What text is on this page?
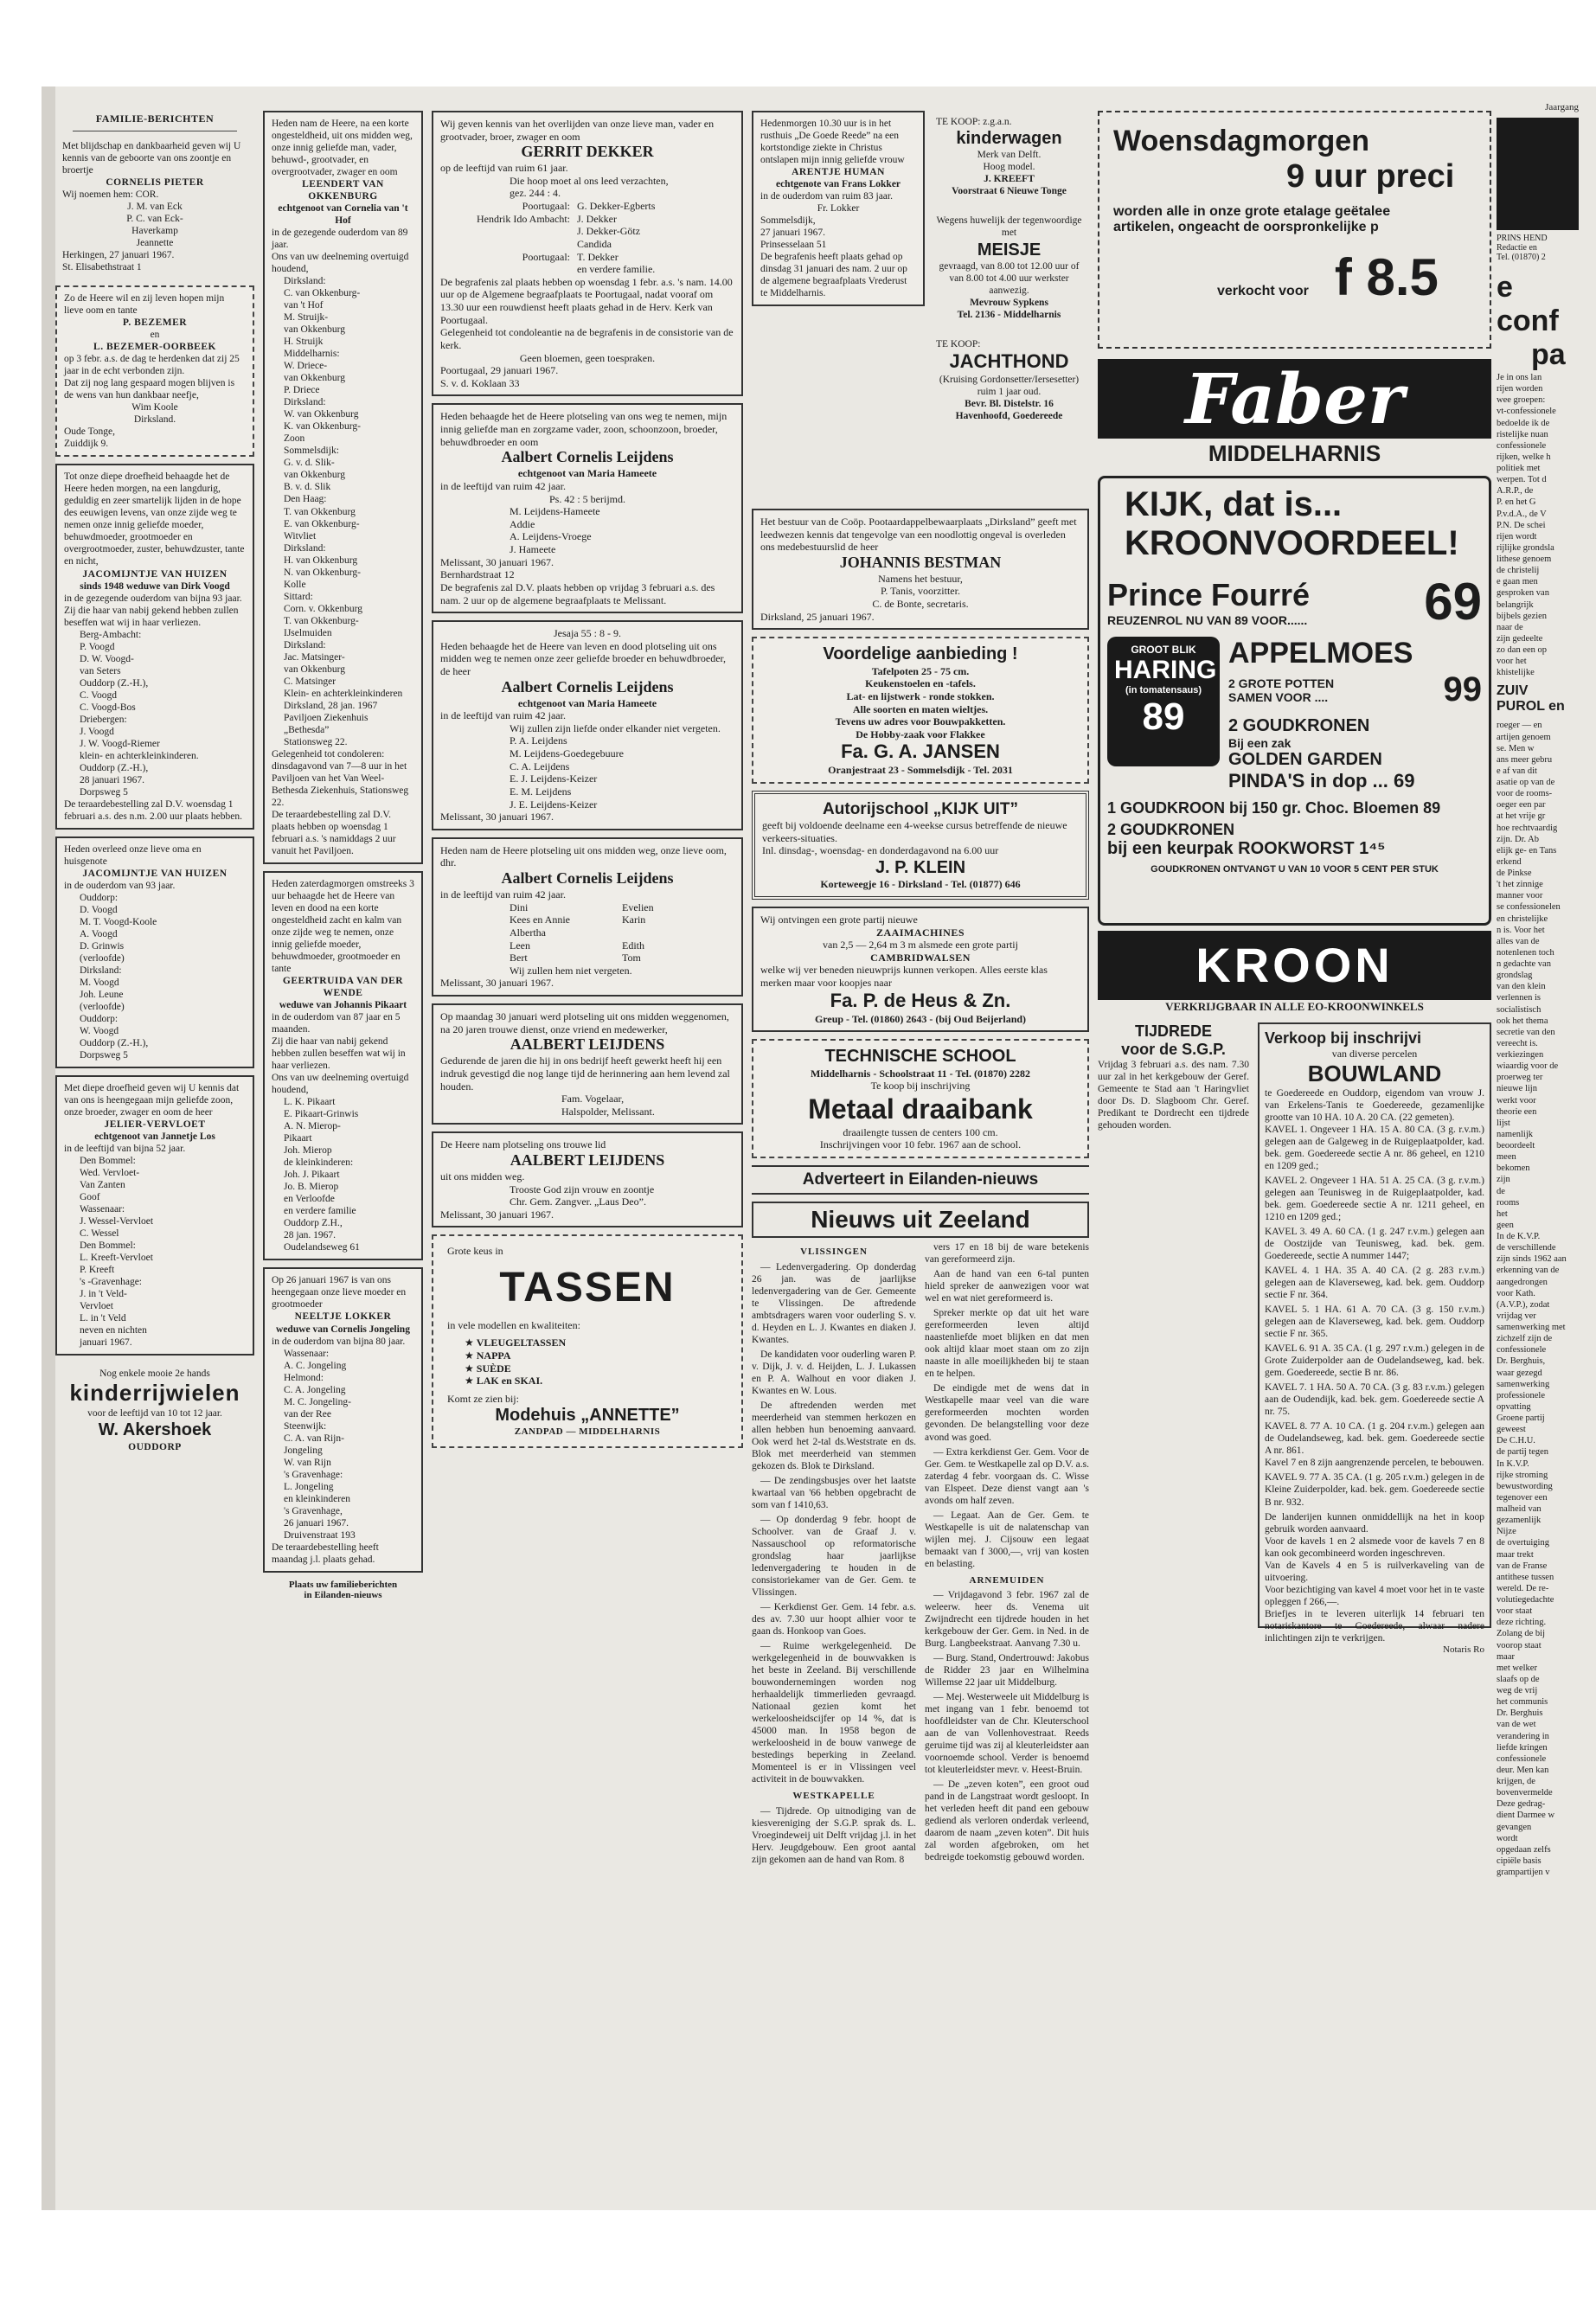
FAMILIE-BERICHTEN
Met blijdschap en dankbaarheid geven wij U kennis van de geboorte van ons zoontje en broertje
CORNELIS PIETER
Wij noemen hem: COR.
J. M. van Eck
P. C. van Eck-
Haverkamp
Jeannette
Herkingen, 27 januari 1967.
St. Elisabethstraat 1
Zo de Heere wil en zij leven hopen mijn lieve oom en tante
P. BEZEMER
en
L. BEZEMER-OORBEEK
op 3 febr. a.s. de dag te herdenken dat zij 25 jaar in de echt verbonden zijn.
Dat zij nog lang gespaard mogen blijven is de wens van hun dankbaar neefje,
Wim Koole
Dirksland.
Oude Tonge,
Zuiddijk 9.
Tot onze diepe droefheid behaagde het de Heere heden morgen, na een langdurig, geduldig en zeer smartelijk lijden in de hope des eeuwigen levens, van onze zijde weg te nemen onze innig geliefde moeder, behuwdmoeder, grootmoeder en overgrootmoeder, zuster, behuwdzuster, tante en nicht,
JACOMIJNTJE VAN HUIZEN
sinds 1948 weduwe van Dirk Voogd
in de gezegende ouderdom van bijna 93 jaar.
Zij die haar van nabij gekend hebben zullen beseffen wat wij in haar verliezen.
Berg-Ambacht:
P. Voogd
D. W. Voogd-
van Seters
Ouddorp (Z.-H.),
C. Voogd
C. Voogd-Bos
Driebergen:
J. Voogd
J. W. Voogd-Riemer
klein- en achterkleinkinderen.
Ouddorp (Z.-H.),
28 januari 1967.
Dorpsweg 5
De teraardebestelling zal D.V. woensdag 1 februari a.s. des n.m. 2.00 uur plaats hebben.
Heden overleed onze lieve oma en huisgenote
JACOMIJNTJE VAN HUIZEN
in de ouderdom van 93 jaar.
Ouddorp:
D. Voogd
M. T. Voogd-Koole
A. Voogd
D. Grinwis
(verloofde)
Dirksland:
M. Voogd
Joh. Leune
(verloofde)
Ouddorp:
W. Voogd
Ouddorp (Z.-H.),
Dorpsweg 5
Met diepe droefheid geven wij U kennis dat van ons is heengegaan mijn geliefde zoon, onze broeder, zwager en oom de heer
JELIER-VERVLOET
echtgenoot van Jannetje Los
in de leeftijd van bijna 52 jaar.
Den Bommel:
Wed. Vervloet-
Van Zanten
Goof
Wassenaar:
J. Wessel-Vervloet
C. Wessel
Den Bommel:
L. Kreeft-Vervloet
P. Kreeft
's -Gravenhage:
J. in 't Veld-
Vervloet
L. in 't Veld
neven en nichten
januari 1967.
Nog enkele mooie 2e hands
kinderrijwielen
voor de leeftijd van 10 tot 12 jaar.
W. Akershoek
OUDDORP
Heden nam de Heere, na een korte ongesteldheid, uit ons midden weg, onze innig geliefde man, vader, behuwd-, grootvader, en overgrootvader, zwager en oom
LEENDERT VAN OKKENBURG
echtgenoot van Cornelia van 't Hof
in de gezegende ouderdom van 89 jaar.
Ons van uw deelneming overtuigd houdend,
Dirksland:
C. van Okkenburg-
van 't Hof
M. Struijk-
van Okkenburg
H. Struijk
Middelharnis:
W. Driece-
van Okkenburg
P. Driece
Dirksland:
W. van Okkenburg
K. van Okkenburg-
Zoon
Sommelsdijk:
G. v. d. Slik-
van Okkenburg
B. v. d. Slik
Den Haag:
T. van Okkenburg
E. van Okkenburg-
Witvliet
Dirksland:
H. van Okkenburg
N. van Okkenburg-
Kolle
Sittard:
Corn. v. Okkenburg
T. van Okkenburg-
IJselmuiden
Dirksland:
Jac. Matsinger-
van Okkenburg
C. Matsinger
Klein- en achterkleinkinderen
Dirksland, 28 jan. 1967
Paviljoen Ziekenhuis
„Bethesda”
Stationsweg 22.
Gelegenheid tot condoleren: dinsdagavond van 7—8 uur in het Paviljoen van het Van Weel-Bethesda Ziekenhuis, Stationsweg 22.
De teraardebestelling zal D.V. plaats hebben op woensdag 1 februari a.s. 's namiddags 2 uur vanuit het Paviljoen.
Heden zaterdagmorgen omstreeks 3 uur behaagde het de Heere van leven en dood na een korte ongesteldheid zacht en kalm van onze zijde weg te nemen, onze innig geliefde moeder, behuwdmoeder, grootmoeder en tante
GEERTRUIDA VAN DER WENDE
weduwe van Johannis Pikaart
in de ouderdom van 87 jaar en 5 maanden.
Zij die haar van nabij gekend hebben zullen beseffen wat wij in haar verliezen.
Ons van uw deelneming overtuigd houdend,
L. K. Pikaart
E. Pikaart-Grinwis
A. N. Mierop-
Pikaart
Joh. Mierop
de kleinkinderen:
Joh. J. Pikaart
Jo. B. Mierop
en Verloofde
en verdere familie
Ouddorp Z.H.,
28 jan. 1967.
Oudelandseweg 61
Op 26 januari 1967 is van ons heengegaan onze lieve moeder en grootmoeder
NEELTJE LOKKER
weduwe van Cornelis Jongeling
in de ouderdom van bijna 80 jaar.
Wassenaar:
A. C. Jongeling
Helmond:
C. A. Jongeling
M. C. Jongeling-
van der Ree
Steenwijk:
C. A. van Rijn-
Jongeling
W. van Rijn
's Gravenhage:
L. Jongeling
en kleinkinderen
's Gravenhage,
26 januari 1967.
Druivenstraat 193
De teraardebestelling heeft maandag j.l. plaats gehad.
Plaats uw familieberichten
in Eilanden-nieuws
Wij geven kennis van het overlijden van onze lieve man, vader en grootvader, broer, zwager en oom
GERRIT DEKKER
op de leeftijd van ruim 61 jaar.
Die hoop moet al ons leed verzachten,
gez. 244 : 4.
Poortugaal: G. Dekker-Egberts
Hendrik Ido Ambacht: J. Dekker
J. Dekker-Götz
Candida
Poortugaal: T. Dekker
en verdere familie.
De begrafenis zal plaats hebben op woensdag 1 febr. a.s. 's nam. 14.00 uur op de Algemene begraafplaats te Poortugaal, nadat vooraf om 13.30 uur een rouwdienst heeft plaats gehad in de Herv. Kerk van Poortugaal.
Gelegenheid tot condoleantie na de begrafenis in de consistorie van de kerk.
Geen bloemen, geen toespraken.
Poortugaal, 29 januari 1967.
S. v. d. Koklaan 33
Heden behaagde het de Heere plotseling van ons weg te nemen, mijn innig geliefde man en zorgzame vader, zoon, schoonzoon, broeder, behuwdbroeder en oom
Aalbert Cornelis Leijdens
echtgenoot van Maria Hameete
in de leeftijd van ruim 42 jaar.
Ps. 42 : 5 berijmd.
M. Leijdens-Hameete
Addie
A. Leijdens-Vroege
J. Hameete
Melissant, 30 januari 1967.
Bernhardstraat 12
De begrafenis zal D.V. plaats hebben op vrijdag 3 februari a.s. des nam. 2 uur op de algemene begraafplaats te Melissant.
Jesaja 55 : 8 - 9.
Heden behaagde het de Heere van leven en dood plotseling uit ons midden weg te nemen onze zeer geliefde broeder en behuwdbroeder, de heer
Aalbert Cornelis Leijdens
echtgenoot van Maria Hameete
in de leeftijd van ruim 42 jaar.
Wij zullen zijn liefde onder elkander niet vergeten.
P. A. Leijdens
M. Leijdens-Goedegebuure
C. A. Leijdens
E. J. Leijdens-Keizer
E. M. Leijdens
J. E. Leijdens-Keizer
Melissant, 30 januari 1967.
Heden nam de Heere plotseling uit ons midden weg, onze lieve oom, dhr.
Aalbert Cornelis Leijdens
in de leeftijd van ruim 42 jaar.
Dini
Kees en Annie
Albertha
Leen
Bert
Evelien
Karin

Edith
Tom
Wij zullen hem niet vergeten.
Melissant, 30 januari 1967.
Op maandag 30 januari werd plotseling uit ons midden weggenomen, na 20 jaren trouwe dienst, onze vriend en medewerker,
AALBERT LEIJDENS
Gedurende de jaren die hij in ons bedrijf heeft gewerkt heeft hij een indruk gevestigd die nog lange tijd de herinnering aan hem levend zal houden.
Fam. Vogelaar,
Halspolder, Melissant.
De Heere nam plotseling ons trouwe lid
AALBERT LEIJDENS
uit ons midden weg.
Trooste God zijn vrouw en zoontje
Chr. Gem. Zangver. „Laus Deo”.
Melissant, 30 januari 1967.
Grote keus in
TASSEN
in vele modellen en kwaliteiten:
★ VLEUGELTASSEN
★ NAPPA
★ SUÈDE
★ LAK en SKAI.
Komt ze zien bij:
Modehuis „ANNETTE”
ZANDPAD — MIDDELHARNIS
Hedenmorgen 10.30 uur is in het rusthuis „De Goede Reede” na een kortstondige ziekte in Christus ontslapen mijn innig geliefde vrouw
ARENTJE HUMAN
echtgenote van Frans Lokker
in de ouderdom van ruim 83 jaar.
Fr. Lokker
Sommelsdijk,
27 januari 1967.
Prinsesselaan 51
De begrafenis heeft plaats gehad op dinsdag 31 januari des nam. 2 uur op de algemene begraafplaats Vrederust te Middelharnis.
TE KOOP: z.g.a.n.
kinderwagen
Merk van Delft.
Hoog model.
J. KREEFT
Voorstraat 6 Nieuwe Tonge
Wegens huwelijk der tegenwoordige met
MEISJE
gevraagd, van 8.00 tot 12.00 uur of van 8.00 tot 4.00 uur werkster aanwezig.
Mevrouw Sypkens
Tel. 2136 - Middelharnis
TE KOOP:
JACHTHOND
(Kruising Gordonsetter/Iersesetter) ruim 1 jaar oud.
Bevr. Bl. Distelstr. 16
Havenhoofd, Goedereede
Het bestuur van de Coöp. Pootaardappelbewaarplaats „Dirksland” geeft met leedwezen kennis dat tengevolge van een noodlottig ongeval is overleden ons medebestuurslid de heer
JOHANNIS BESTMAN
Namens het bestuur,
P. Tanis, voorzitter.
C. de Bonte, secretaris.
Dirksland, 25 januari 1967.
Voordelige aanbieding !
Tafelpoten 25 - 75 cm.
Keukenstoelen en -tafels.
Lat- en lijstwerk - ronde stokken.
Alle soorten en maten wieltjes.
Tevens uw adres voor Bouwpakketten.
De Hobby-zaak voor Flakkee
Fa. G. A. JANSEN
Oranjestraat 23 - Sommelsdijk - Tel. 2031
Autorijschool „KIJK UIT”
geeft bij voldoende deelname een 4-weekse cursus betreffende de nieuwe verkeers-situaties.
Inl. dinsdag-, woensdag- en donderdagavond na 6.00 uur
J. P. KLEIN
Korteweegje 16 - Dirksland - Tel. (01877) 646
Wij ontvingen een grote partij nieuwe
ZAAIMACHINES
van 2,5 — 2,64 m 3 m alsmede een grote partij
CAMBRIDWALSEN
welke wij ver beneden nieuwprijs kunnen verkopen. Alles eerste klas merken maar voor koopjes naar
Fa. P. de Heus & Zn.
Greup - Tel. (01860) 2643 - (bij Oud Beijerland)
TECHNISCHE SCHOOL
Middelharnis - Schoolstraat 11 - Tel. (01870) 2282
Te koop bij inschrijving
Metaal draaibank
draailengte tussen de centers 100 cm.
Inschrijvingen voor 10 febr. 1967 aan de school.
Adverteert in Eilanden-nieuws
Nieuws uit Zeeland
VLISSINGEN

— Ledenvergadering. Op donderdag 26 jan. was de jaarlijkse ledenvergadering van de Ger. Gemeente te Vlissingen. De aftredende ambtsdragers waren voor ouderling S. v. d. Heyden en L. J. Kwantes en diaken J. Kwantes.

De kandidaten voor ouderling waren P. v. Dijk, J. v. d. Heijden, L. J. Lukassen en P. A. Walhout en voor diaken J. Kwantes en W. Lous.

De aftredenden werden met meerderheid van stemmen herkozen en allen hebben hun benoeming aanvaard. Ook werd het 2-tal ds.Weststrate en ds. Blok met meerderheid van stemmen gekozen ds. Blok te Dirksland.

— De zendingsbusjes over het laatste kwartaal van '66 hebben opgebracht de som van f 1410,63.

— Op donderdag 9 febr. hoopt de Schoolver. van de Graaf J. v. Nassauschool op reformatorische grondslag haar jaarlijkse ledenvergadering te houden in de consistoriekamer van de Ger. Gem. te Vlissingen.

— Kerkdienst Ger. Gem. 14 febr. a.s. des av. 7.30 uur hoopt alhier voor te gaan ds. Honkoop van Goes.

— Ruime werkgelegenheid. De werkgelegenheid in de bouwvakken is het beste in Zeeland. Bij verschillende bouwondernemingen worden nog herhaaldelijk timmerlieden gevraagd. Nationaal gezien komt het werkeloosheidscijfer op 14 %, dat is 45000 man. In 1958 begon de werkeloosheid in de bouw vanwege de bestedings beperking in Zeeland. Momenteel is er in Vlissingen veel activiteit in de bouwvakken.

WESTKAPELLE

— Tijdrede. Op uitnodiging van de kiesvereniging der S.G.P. sprak ds. L. Vroegindeweij uit Delft vrijdag j.l. in het Herv. Jeugdgebouw. Een groot aantal zijn gekomen aan de hand van Rom. 8

vers 17 en 18 bij de ware betekenis van gereformeerd zijn.

Aan de hand van een 6-tal punten hield spreker de aanwezigen voor wat wel en wat niet gereformeerd is.

Spreker merkte op dat uit het ware gereformeerden leven altijd naastenliefde moet blijken en dat men ook altijd klaar moet staan om zo zijn naaste in alle moeilijkheden bij te staan en te helpen.

De eindigde met de wens dat in Westkapelle maar veel van die ware gereformeerden mochten worden gevonden. De belangstelling voor deze avond was goed.

— Extra kerkdienst Ger. Gem. Voor de Ger. Gem. te Westkapelle zal op D.V. a.s. zaterdag 4 febr. voorgaan ds. C. Wisse van Elspeet. Deze dienst vangt aan 's avonds om half zeven.

— Legaat. Aan de Ger. Gem. te Westkapelle is uit de nalatenschap van wijlen mej. J. Cijsouw een legaat bemaakt van f 3000,—, vrij van kosten en belasting.

ARNEMUIDEN

— Vrijdagavond 3 febr. 1967 zal de weleerw. heer ds. Venema uit Zwijndrecht een tijdrede houden in het kerkgebouw der Ger. Gem. in Ned. in de Burg. Langbeekstraat. Aanvang 7.30 u.

— Burg. Stand, Ondertrouwd: Jakobus de Ridder 23 jaar en Wilhelmina Willemse 22 jaar uit Middelburg.

— Mej. Westerweele uit Middelburg is met ingang van 1 febr. benoemd tot hoofdleidster van de Chr. Kleuterschool aan de van Vollenhovestraat. Reeds geruime tijd was zij al kleuterleidster aan voornoemde school. Verder is benoemd tot kleuterleidster mevr. v. Heest-Bruin.

— De „zeven koten”, een groot oud pand in de Langstraat wordt gesloopt. In het verleden heeft dit pand een gebouw gediend als verloren onderdak verleend, daarom de naam „zeven koten”. Dit huis zal worden afgebroken, om het bedreigde toekomstig gebouwd worden.

Woensdagmorgen
9 uur preci
worden alle in onze grote etalage geëtalee
artikelen, ongeacht de oorspronkelijke p
verkocht voor f 8.5
Faber
MIDDELHARNIS
KIJK, dat is...
KROONVOORDEEL!
Prince Fourré
REUZENROL NU VAN 89 VOOR...... 69
GROOT BLIK
HARING
(in tomatensaus)
89
APPELMOES
2 GROTE POTTEN
SAMEN VOOR ....	99
2 GOUDKRONEN
Bij een zak
GOLDEN GARDEN
PINDA'S in dop ... 69
1 GOUDKROON bij 150 gr. Choc. Bloemen 89
2 GOUDKRONEN
bij een keurpak ROOKWORST 1⁴⁵
GOUDKRONEN ONTVANGT U VAN 10 VOOR 5 CENT PER STUK
KROON
VERKRIJGBAAR IN ALLE EO-KROONWINKELS
TIJDREDE
voor de S.G.P.
Vrijdag 3 februari a.s. des nam. 7.30 uur zal in het kerkgebouw der Geref. Gemeente te Stad aan 't Haringvliet door Ds. D. Slagboom Chr. Geref. Predikant te Dordrecht een tijdrede gehouden worden.
Verkoop bij inschrijvi
van diverse percelen
BOUWLAND
te Goedereede en Ouddorp, eigendom van vrouw J. van Erkelens-Tanis te Goedereede, gezamenlijke grootte van 10 HA. 10 A. 20 CA. (22 gemeten).
KAVEL 1. Ongeveer 1 HA. 15 A. 80 CA. (3 g. r.v.m.) gelegen aan de Galgeweg in de Ruigeplaatpolder, kad. bek. gem. Goedereede sectie A nr. 86 geheel, en 1210 en 1209 ged.;
KAVEL 2. Ongeveer 1 HA. 51 A. 25 CA. (3 g. r.v.m.) gelegen aan Teunisweg in de Ruigeplaatpolder, kad. bek. gem. Goedereede sectie A nr. 1211 geheel, en 1210 en 1209 ged.;
KAVEL 3. 49 A. 60 CA. (1 g. 247 r.v.m.) gelegen aan de Oostzijde van Teunisweg, kad. bek. gem. Goedereede, sectie A nummer 1447;
KAVEL 4. 1 HA. 35 A. 40 CA. (2 g. 283 r.v.m.) gelegen aan de Klaverseweg, kad. bek. gem. Ouddorp sectie F nr. 364.
KAVEL 5. 1 HA. 61 A. 70 CA. (3 g. 150 r.v.m.) gelegen aan de Klaverseweg, kad. bek. gem. Ouddorp sectie F nr. 365.
KAVEL 6. 91 A. 35 CA. (1 g. 297 r.v.m.) gelegen in de Grote Zuiderpolder aan de Oudelandseweg, kad. bek. gem. Goedereede, sectie B nr. 86.
KAVEL 7. 1 HA. 50 A. 70 CA. (3 g. 83 r.v.m.) gelegen aan de Oudendijk, kad. bek. gem. Goedereede sectie A nr. 75.
KAVEL 8. 77 A. 10 CA. (1 g. 204 r.v.m.) gelegen aan de Oudelandseweg, kad. bek. gem. Goedereede sectie A nr. 861.
Kavel 7 en 8 zijn aangrenzende percelen, te bebouwen.
KAVEL 9. 77 A. 35 CA. (1 g. 205 r.v.m.) gelegen in de Kleine Zuiderpolder, kad. bek. gem. Goedereede sectie B nr. 932.
De landerijen kunnen onmiddellijk na het in koop gebruik worden aanvaard.
Voor de kavels 1 en 2 alsmede voor de kavels 7 en 8 kan ook gecombineerd worden ingeschreven.
Van de Kavels 4 en 5 is ruilverkaveling van de uitvoering.
Voor bezichtiging van kavel 4 moet voor het in te vaste opleggen f 266,—.
Briefjes in te leveren uiterlijk 14 februari ten notariskantore te Goedereede, alwaar nadere inlichtingen zijn te verkrijgen.
Notaris Ro
Jaargang
PRINS HEND
Redactie en
Tel. (01870) 2
e conf
pa
Je in ons lan
rijen worden
wee groepen:
vt-confessionele
bedoelde ik de
ristelijke nuan
confessionele
rijken, welke h
politiek met
werpen. Tot d
A.R.P., de
P. en het G
P.v.d.A., de V
P.N. De schei
rijen wordt
rijlijke grondsla
lithese genoem
de christelij
e gaan men
gesproken van
belangrijk
bijbels gezien
naar de
zijn gedeelte
zo dan een op
voor het
khistelijke
ZUIV
PUROL en
roeger — en
artijen genoem
se. Men w
ans meer gebru
e af van dit
asatie op van de
voor de rooms-
oeger een par
at het vrije gr
hoe rechtvaardig
zijn. Dr. Ab
elijk ge- en Tans
erkend
de Pinkse
't het zinnige
manner voor
se confessionelen
en christelijke
n is. Voor het
alles van de
notenlenen toch
n gedachte van
grondslag
van den klein
verlennen is
socialistisch
ook het thema
secretie van den
vereecht is.
verkiezingen
wiaardig voor de
proerweg ter
nieuwe lijn
werkt voor
theorie een
lijst
namenlijk
beoordeelt
meen
bekomen
zijn
de
rooms
het
geen
In de K.V.P.
de verschillende
zijn sinds 1962 aan
erkenning van de
aangedrongen
voor Kath.
(A.V.P.), zodat
vrijdag ver
samenwerking met
zichzelf zijn de
confessionele
Dr. Berghuis,
waar gezegd
samenwerking
professionele
opvatting
Groene partij
geweest
De C.H.U.
de partij tegen
In K.V.P.
rijke stroming
bewustwording
tegenover een
malheid van
gezamenlijk
Nijze
de overtuiging
maar trekt
van de Franse
antithese tussen
wereld. De re-
volutiegedachte
voor staat
deze richting.
Zolang de bij
voorop staat
maar
met welker
slaafs op de
weg de vrij
het communis
Dr. Berghuis
van de wet
verandering in
liefde kringen
confessionele
deur. Men kan
krijgen, de
bovenvermelde
Deze gedrag-
dient Darmee w
gevangen
wordt
opgedaan zelfs
cipiële basis
grampartijen v
